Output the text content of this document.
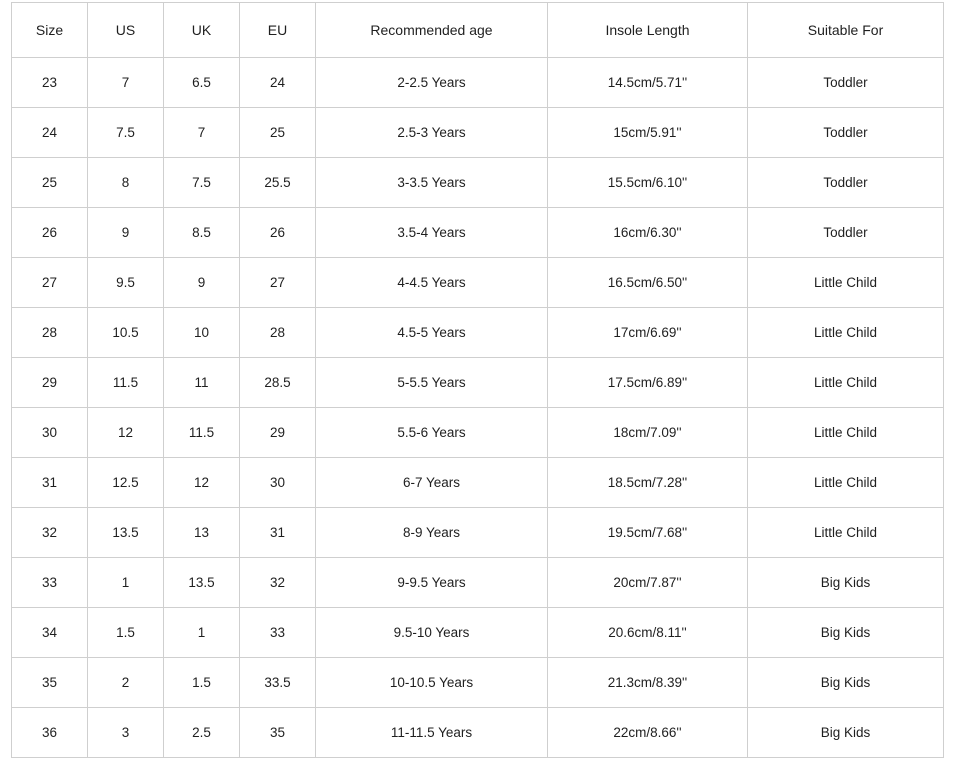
Size	US	UK	EU	Recommended age	Insole Length	Suitable For
23	7	6.5	24	2-2.5 Years	14.5cm/5.71''	Toddler
24	7.5	7	25	2.5-3 Years	15cm/5.91''	Toddler
25	8	7.5	25.5	3-3.5 Years	15.5cm/6.10''	Toddler
26	9	8.5	26	3.5-4 Years	16cm/6.30''	Toddler
27	9.5	9	27	4-4.5 Years	16.5cm/6.50''	Little Child
28	10.5	10	28	4.5-5 Years	17cm/6.69''	Little Child
29	11.5	11	28.5	5-5.5 Years	17.5cm/6.89''	Little Child
30	12	11.5	29	5.5-6 Years	18cm/7.09''	Little Child
31	12.5	12	30	6-7 Years	18.5cm/7.28''	Little Child
32	13.5	13	31	8-9 Years	19.5cm/7.68''	Little Child
33	1	13.5	32	9-9.5 Years	20cm/7.87''	Big Kids
34	1.5	1	33	9.5-10 Years	20.6cm/8.11''	Big Kids
35	2	1.5	33.5	10-10.5 Years	21.3cm/8.39''	Big Kids
36	3	2.5	35	11-11.5 Years	22cm/8.66''	Big Kids
